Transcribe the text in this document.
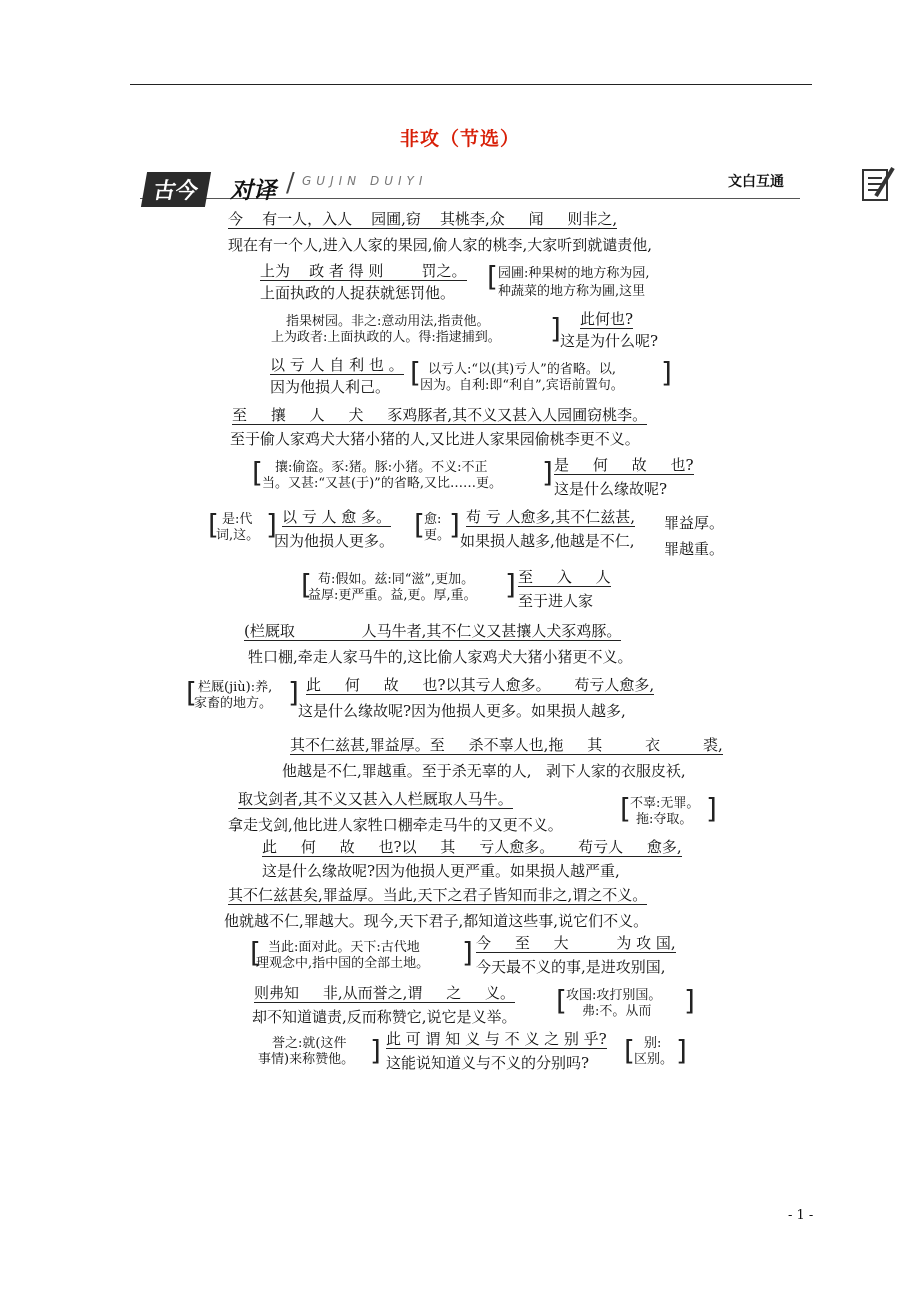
非攻（节选）
古今	对译 / GUJIN DUIYI	文白互通
今    有一人，入人    园圃,窃    其桃李,众     闻     则非之,
现在有一个人,进入人家的果园,偷人家的桃李,大家听到就谴责他,
上为    政 者 得 则        罚之。
上面执政的人捉获就惩罚他。 [ 园圃:种果树的地方称为园,
种蔬菜的地方称为圃,这里
指果树园。非之:意动用法,指责他。
上为政者:上面执政的人。得:指逮捕到。 ] 此何也?
这是为什么呢?
以 亏 人 自 利 也 。
因为他损人利己。 [ 以亏人:“以(其)亏人”的省略。以,
因为。自利:即“利自”,宾语前置句。 ]
至     攘     人     犬     豕鸡豚者,其不义又甚入人园圃窃桃李。
至于偷人家鸡犬大猪小猪的人,又比进人家果园偷桃李更不义。
[ 攘:偷盗。豕:猪。豚:小猪。不义:不正
当。又甚:“又甚(于)”的省略,又比……更。 ] 是     何     故     也?
这是什么缘故呢?
[ 是:代
词,这。 ] 以 亏 人 愈 多。
因为他损人更多。 [ 愈:
更。
] 苟 亏 人愈多,其不仁兹甚,
如果损人越多,他越是不仁,
罪益厚。
罪越重。
[ 苟:假如。兹:同“滋”,更加。
益厚:更严重。益,更。厚,重。 ] 至     入     人
至于进人家
(栏厩取              人马牛者,其不仁义又甚攘人犬豕鸡豚。
牲口棚,牵走人家马牛的,这比偷人家鸡犬大猪小猪更不义。
[ 栏厩(jiù):养,
家畜的地方。 ] 此     何     故     也?以其亏人愈多。     苟亏人愈多,
这是什么缘故呢?因为他损人更多。如果损人越多,
其不仁兹甚,罪益厚。至     杀不辜人也,拖     其         衣         裘,
他越是不仁,罪越重。至于杀无辜的人,   剥下人家的衣服皮袄,
取戈剑者,其不义又甚入人栏厩取人马牛。
拿走戈剑,他比进人家牲口棚牵走马牛的又更不义。 [ 不辜:无罪。
拖:夺取。 ]
此     何     故     也?以     其     亏人愈多。     苟亏人     愈多,
这是什么缘故呢?因为他损人更严重。如果损人越严重,
其不仁兹甚矣,罪益厚。当此,天下之君子皆知而非之,谓之不义。
他就越不仁,罪越大。现今,天下君子,都知道这些事,说它们不义。
[ 当此:面对此。天下:古代地
理观念中,指中国的全部土地。 ] 今     至     大          为 攻 国,
今天最不义的事,是进攻别国,
则弗知     非,从而誉之,谓     之     义。
却不知道谴责,反而称赞它,说它是义举。 [ 攻国:攻打别国。
弗:不。从而 ]
誉之:就(这件
事情)来称赞他。 ] 此 可 谓 知 义 与 不 义 之 别 乎?
这能说知道义与不义的分别吗? [ 别:
区别。 ]
- 1 -
